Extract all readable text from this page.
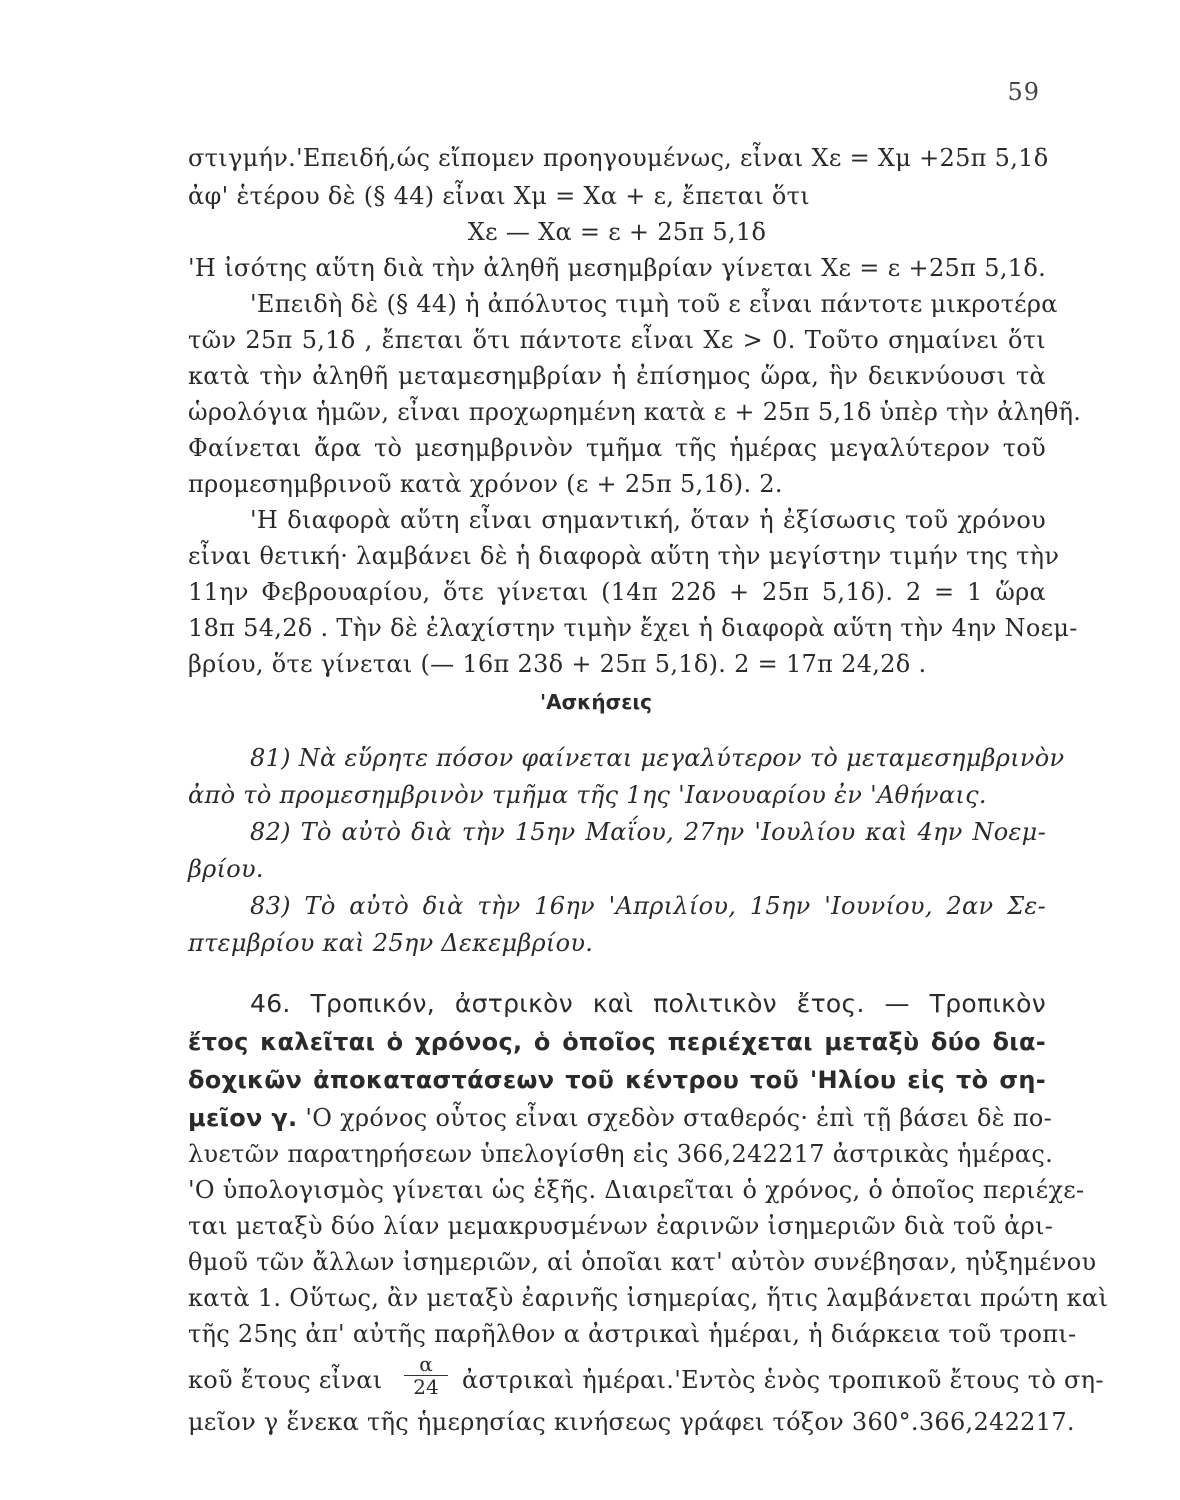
59
στιγμήν.'Επειδή,ώς εἴπομεν προηγουμένως, εἶναι Xε = Xμ +25π 5,1δ
ἀφ' ἑτέρου δὲ (§ 44) εἶναι Xμ = Xα + ε, ἔπεται ὅτι
Xε — Xα = ε + 25π 5,1δ
'Η ἰσότης αὕτη διὰ τὴν ἀληθῆ μεσημβρίαν γίνεται Xε = ε +25π 5,1δ.
'Επειδὴ δὲ (§ 44) ἡ ἀπόλυτος τιμὴ τοῦ ε εἶναι πάντοτε μικροτέρα
τῶν 25π 5,1δ , ἔπεται ὅτι πάντοτε εἶναι Xε > 0. Τοῦτο σημαίνει ὅτι
κατὰ τὴν ἀληθῆ μεταμεσημβρίαν ἡ ἐπίσημος ὥρα, ἣν δεικνύουσι τὰ
ὡρολόγια ἡμῶν, εἶναι προχωρημένη κατὰ ε + 25π 5,1δ ὑπὲρ τὴν ἀληθῆ.
Φαίνεται ἄρα τὸ μεσημβρινὸν τμῆμα τῆς ἡμέρας μεγαλύτερον τοῦ
προμεσημβρινοῦ κατὰ χρόνον (ε + 25π 5,1δ). 2.
'Η διαφορὰ αὕτη εἶναι σημαντική, ὅταν ἡ ἐξίσωσις τοῦ χρόνου
εἶναι θετική· λαμβάνει δὲ ἡ διαφορὰ αὕτη τὴν μεγίστην τιμήν της τὴν
11ην Φεβρουαρίου, ὅτε γίνεται (14π 22δ + 25π 5,1δ). 2 = 1 ὥρα
18π 54,2δ . Τὴν δὲ ἐλαχίστην τιμὴν ἔχει ἡ διαφορὰ αὕτη τὴν 4ην Νοεμ-
βρίου, ὅτε γίνεται (— 16π 23δ + 25π 5,1δ). 2 = 17π 24,2δ .
'Ασκήσεις
81) Νὰ εὕρητε πόσον φαίνεται μεγαλύτερον τὸ μεταμεσημβρινὸν
ἀπὸ τὸ προμεσημβρινὸν τμῆμα τῆς 1ης 'Ιανουαρίου ἐν 'Αθήναις.
82) Τὸ αὐτὸ διὰ τὴν 15ην Μαΐου, 27ην 'Ιουλίου καὶ 4ην Νοεμ-
βρίου.
83) Τὸ αὐτὸ διὰ τὴν 16ην 'Απριλίου, 15ην 'Ιουνίου, 2αν Σε-
πτεμβρίου καὶ 25ην Δεκεμβρίου.
46. Τροπικόν, ἀστρικὸν καὶ πολιτικὸν ἔτος. — Τροπικὸν
ἔτος καλεῖται ὁ χρόνος, ὁ ὁποῖος περιέχεται μεταξὺ δύο δια-
δοχικῶν ἀποκαταστάσεων τοῦ κέντρου τοῦ 'Ηλίου εἰς τὸ ση-
μεῖον γ. 'Ο χρόνος οὗτος εἶναι σχεδὸν σταθερός· ἐπὶ τῇ βάσει δὲ πο-
λυετῶν παρατηρήσεων ὑπελογίσθη εἰς 366,242217 ἀστρικὰς ἡμέρας.
'Ο ὑπολογισμὸς γίνεται ὡς ἑξῆς. Διαιρεῖται ὁ χρόνος, ὁ ὁποῖος περιέχε-
ται μεταξὺ δύο λίαν μεμακρυσμένων ἐαρινῶν ἰσημεριῶν διὰ τοῦ ἀρι-
θμοῦ τῶν ἄλλων ἰσημεριῶν, αἱ ὁποῖαι κατ' αὐτὸν συνέβησαν, ηὐξημένου
κατὰ 1. Οὕτως, ἂν μεταξὺ ἐαρινῆς ἰσημερίας, ἥτις λαμβάνεται πρώτη καὶ
τῆς 25ης ἀπ' αὐτῆς παρῆλθον α ἀστρικαὶ ἡμέραι, ἡ διάρκεια τοῦ τροπι-
κοῦ ἔτους εἶναι	$\frac{\alpha}{24}$ ἀστρικαὶ ἡμέραι.'Εντὸς ἑνὸς τροπικοῦ ἔτους τὸ ση-
μεῖον γ ἕνεκα τῆς ἡμερησίας κινήσεως γράφει τόξον 360°.366,242217.
